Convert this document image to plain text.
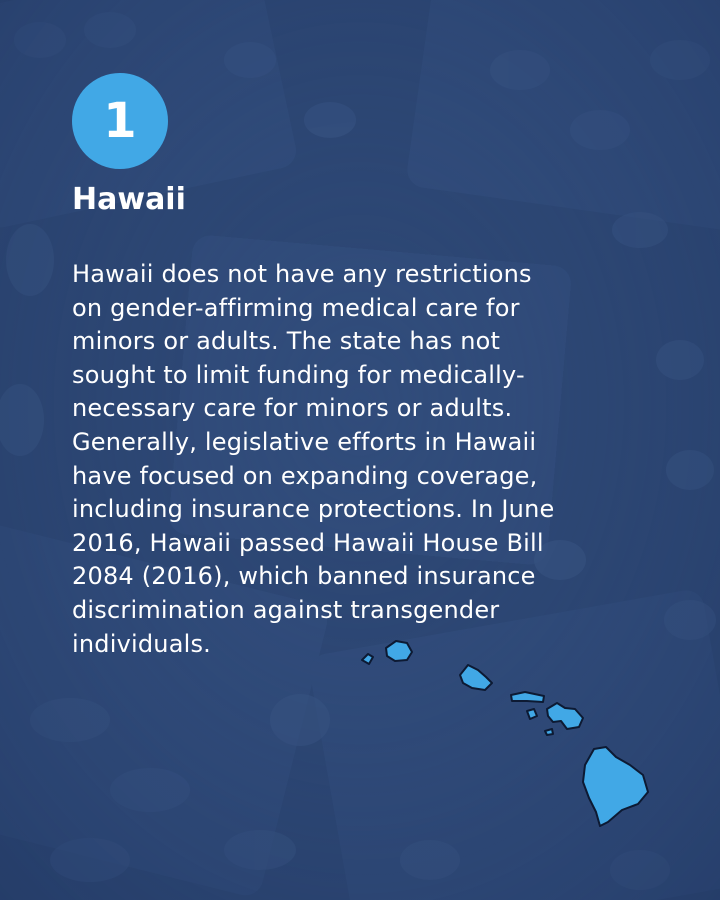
1
Hawaii

Hawaii does not have any restrictions
on gender-affirming medical care for
minors or adults. The state has not
sought to limit funding for medically-
necessary care for minors or adults.
Generally, legislative efforts in Hawaii
have focused on expanding coverage,
including insurance protections. In June
2016, Hawaii passed Hawaii House Bill
2084 (2016), which banned insurance
discrimination against transgender
individuals.
